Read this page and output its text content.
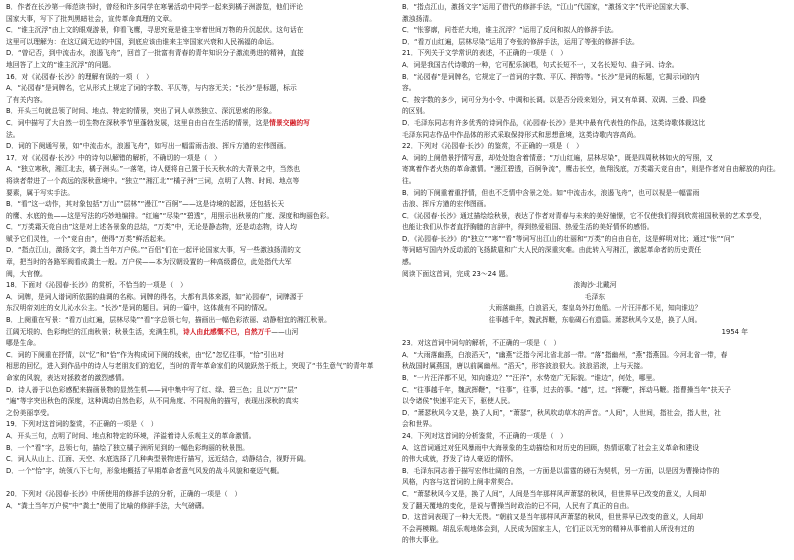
B．作者在长沙第一师范读书时，曾经和许多同学在寒暑活动中同学一起来到橘子洲游览，他们评论
国家大事，写下了批判黑暗社会，宣传革命真理的文章。
C．“谁主沉浮”由上文的眼观游景，仰看飞鹰，寻思究竟是谁主宰着世间万物的升沉起伏。这句话在
这里可以理解为：在这辽阔无边的中国，到底应该由谁来主宰国家兴衰和人民祸福的命运。
D．“曾记否，到中流击水，浪遏飞舟”，回首了一批富有青春的青年知识分子激流勇进的精神，直接
地回答了上文的“谁主沉浮”的问题。
16．对《沁园春·长沙》的理解有误的一项（　）
A．“沁园春”是词牌名，它从形式上规定了词的字数、平仄等，与内容无关；“长沙”是标题，标示
了有关内容。
B．开头三句就总领了时间、地点、特定的情景，突出了词人卓然独立、深沉思索的形象。
C．词中描写了大自然一切生物在深秋季节里蓬勃发展，这里自由自在生活的情景，这是情景交融的写
法。
D．词的下阕通写景，如“中流击水，浪遏飞舟”，如写出一幅雷雨击浪、挥斥方遒的宏伟图画。
17．对《沁园春·长沙》中的诗句以解错的解析，不确切的一项是（　）
A．“独立寒秋，湘江北去，橘子洲头。”一落笔，诗人便将自己置于长天秋水的大背景之中，当然也
将读者带进了一个高远的深秋意境中。“独立”“湘江北”“橘子洲”三词，点明了人物、时间、地点等
要素，属于写实手法。
B．“看”这一动作，其对象包括“万山”“层林”“漫江”“百舸”——这是诗境的起源，还包括长天
的鹰、水底的鱼——这是写法的巧妙地编排。“红遍”“尽染”“碧透”，用照示出秋景的广度、深度和绚丽色彩。
C．“万类霜天竞自由”这是对上述各景象的总结，“万类”中，无论是静态物，还是动态物，诗人均
赋予它们灵性，一个“竞自由”，使得“万类”鲜活起来。
D．“指点江山，激扬文字，粪土当年万户侯。”“百侣”们在一起评论国家大事，写一些激浊扬清的文
章，把当时的各路军阀看成粪土一般。万户侯——本为汉朝设置的一种高级爵位，此处指代大军
阀，大官僚。
18．下面对《沁园春·长沙》的赏析，不恰当的一项是（　）
A．词牌，是词人谱词所依据的曲调的名称。词牌的得名，大都有具体来源，如“沁园春”，词牌源于
东汉明帝刘庄的女儿沁水公主。“长沙”是词的题目。词的一篇中，这体裁有不同的情况。
B．上阕重在写景：“看万山红遍，层林尽染”“看”字总领七句，描画出一幅色彩浓丽、动静相宜的湘江秋景。
江阔无垠的、色彩绚烂的江南秋景；秋景生活，充满生机，诗人由此感慨不已，自然万千——山河
哪是生命。
C．词的下阕重在抒情，以“忆”和“恰”作为构成词下阕的线索，由“忆”忽忆往事，“恰”引出对
相思的回忆，进入到作品中的诗人与老朋友们的追忆，当时的青年革命家们的风貌跃然于纸上，突现了“书生意气”的青年革
命家的风貌，表达对拯救者的激烈感情。
D．诗人善于以色彩感配来描画景物的显然生机——词中集中写了红、绿、碧三色；且以“万”“层”
“遍”等字突出秋色的深度，这种调动自然色彩，从不同角度、不同视角的描写，表现出深秋的真实
之份美丽享受。
19．下列对这首词的鉴赏，不正确的一项是（　）
A．开头三句，点明了时间、地点和特定的环境，洋溢着诗人乐观主义的革命激情。
B．一个“看”字，总领七句，描绘了独立橘子洲所见到的一幅色彩绚丽的秋景图。
C．词人从山上、江面、天空、水底选择了几种典型景物进行描写，远近结合，动静结合，视野开阔。
D．一个“恰”字，统领八下七句，形象地概括了早期革命者意气风发的战斗风貌和豪迈气概。
20．下列对《沁园春·长沙》中所使用的修辞手法的分析，正确的一项是（　）
A．“粪土当年万户侯”中“粪土”使用了比喻的修辞手法，大气磅礴。
B．“指点江山，激扬文字”运用了借代的修辞手法，“江山”代国家，“激扬文字”代评论国家大事、
激浊扬清。
C．“怅寥廓，问苍茫大地，谁主沉浮？”运用了反问和拟人的修辞手法。
D．“看万山红遍，层林尽染”运用了夸张的修辞手法，运用了等张的修辞手法。
21．下列关于文学常识的表述，不正确的一项是（　）
A．词是我国古代诗歌的一种，它可配乐演唱，句式长短不一，又名长短句、曲子词、诗余。
B．“沁园春”是词牌名，它规定了一首词的字数、平仄、押韵等。“长沙”是词的标题，它揭示词的内
容。
C．按字数的多少，词可分为小令、中调和长调。以是否分段来划分，词又有单调、双调、三叠、四叠
的区别。
D．毛泽东同志有许多优秀的诗词作品，《沁园春·长沙》是其中最有代表性的作品，这类诗歌体裁这比
毛泽东同志作品中作品体的形式采取保持形式和思想意境，这类诗歌内容高尚。
22．下列对《沁园春·长沙》的鉴赏，不正确的一项是（　）
A．词的上阕借景抒情写意，却处处饱含着情意；“万山红遍，层林尽染”，既是四周秋林如火的写照，又
寄寓着作者火热的革命激情。“漫江碧透，百舸争流”，鹰击长空，鱼翔浅底，万类霜天竞自由”，则是作者对自由解放的向往。
往。
B．词的下阕重着重抒情，但也不乏情中含景之处。如“中流击水，浪遏飞舟”，也可以视是一幅雷雨
击浪、挥斥方遒的宏伟图画。
C．《沁园春·长沙》通过描绘绘秋景，表达了作者对青春与未来的美好憧憬，它不仅使我们得到欣赏祖国秋景的艺术享受，
也能让我们从作者直抒胸臆的言辞中，得到热爱祖国、热爱生活的美好情怀的感悟。
D．《沁园春·长沙》的“独立”“寒”“看”等词写出江山的壮丽和“万类”的自由自在，这是鲜明对比；通过“怅”“问”
等词暗写国内外反动派的飞扬跋扈和广大人民的深重灾难。由此转入写湘江，激起革命者的历史责任
感。
阅读下面这首词，完成 23～24 题。
浪淘沙·北戴河
毛泽东
大雨落幽燕，白浪滔天，秦皇岛外打鱼船。一片汪洋都不见，知向谁边？
往事越千年，魏武挥鞭，东临碣石有遗篇。萧瑟秋风今又是，换了人间。
1954 年
23．对这首词中词句的解析，不正确的一项是（　）
A．“大雨落幽燕，白浪滔天”，“幽燕”泛指今河北省北部一带。“落”指幽州，“燕”指燕国。今河北省一带，春
秋战国时属燕国，唐以前属幽州。“滔天”，形容波浪很大。波浪滔滚，上与天接。
B．“一片汪洋都不见，知向谁边？”“汪洋”，水势宽广无际貌。“谁边”，何处，哪里。
C．“往事越千年，魏武挥鞭”，“往事”，往事，过去的事。“越”，过。“挥鞭”，挥动马鞭。指曹操当年“扶天子
以令诸侯”快速平定天下，驱使人民。
D．“萧瑟秋风今又是，换了人间”，“萧瑟”，秋风吹动草木的声音。“人间”，人世间，指社会，指人世，社
会和世界。
24．下列对这首词的分析鉴赏，不正确的一项是（　）
A．这首词通过对狂风暴雨中大海景象的生动描绘和对历史的回顾，热情讴歌了社会主义革命和建设
的伟大成就，抒发了诗人豪迈的情怀。
B．毛泽东同志善于描写宏伟壮阔的自然，一方面是以雷霆的磅石为契机，另一方面，以是因为曹操诗作的
风格，内容与这首词的上阕非常契合。
C．“萧瑟秋风今又是，换了人间”，人间是当年那样风声萧瑟的秋风，但世界早已改变的意义，人间却
发了翻天覆地的变化，是说与曹操当时政治的已不同，人民有了真正的自由。
D．这首词表现了一种大无畏。“朝前又是当年那样风声萧瑟的秋风，但世界早已改变的意义，人间却
不会再模糊。胡乱乐观地体会到，人民成为国家主人，它们正以无穷的精神从事着前人所没有过的
的伟大事业。
